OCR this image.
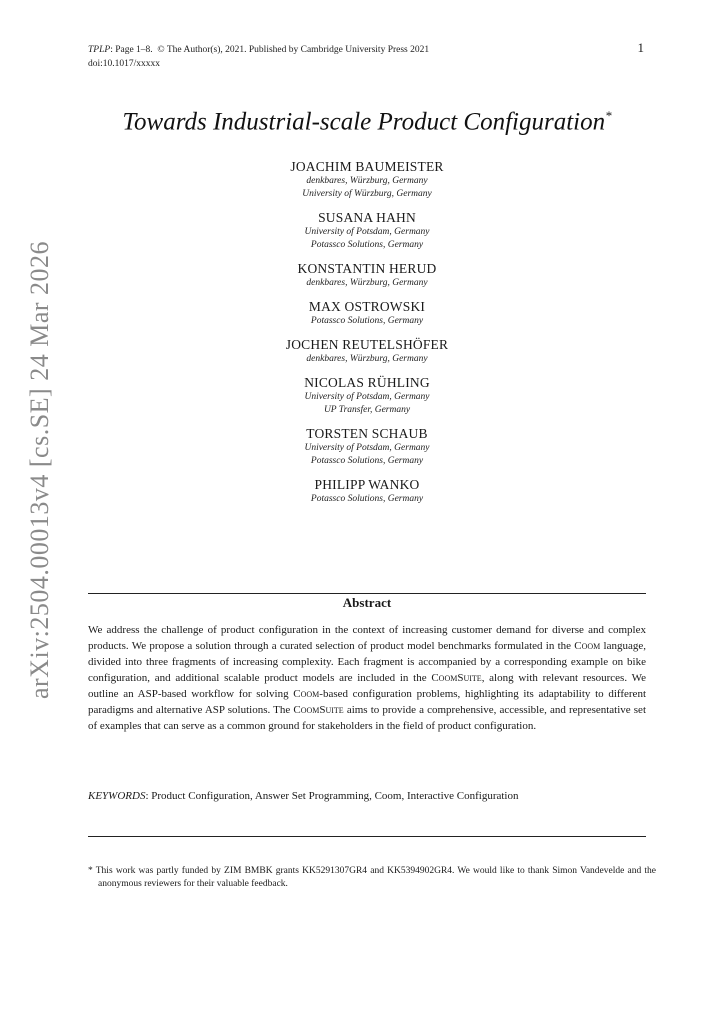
TPLP: Page 1–8. © The Author(s), 2021. Published by Cambridge University Press 2021
doi:10.1017/xxxxx
1
arXiv:2504.00013v4 [cs.SE] 24 Mar 2026
Towards Industrial-scale Product Configuration*
JOACHIM BAUMEISTER
denkbares, Würzburg, Germany
University of Würzburg, Germany
SUSANA HAHN
University of Potsdam, Germany
Potassco Solutions, Germany
KONSTANTIN HERUD
denkbares, Würzburg, Germany
MAX OSTROWSKI
Potassco Solutions, Germany
JOCHEN REUTELSHÖFER
denkbares, Würzburg, Germany
NICOLAS RÜHLING
University of Potsdam, Germany
UP Transfer, Germany
TORSTEN SCHAUB
University of Potsdam, Germany
Potassco Solutions, Germany
PHILIPP WANKO
Potassco Solutions, Germany
Abstract
We address the challenge of product configuration in the context of increasing customer demand for diverse and complex products. We propose a solution through a curated selection of product model benchmarks formulated in the Coom language, divided into three fragments of increasing complexity. Each fragment is accompanied by a corresponding example on bike configuration, and additional scalable product models are included in the CoomSuite, along with relevant resources. We outline an ASP-based workflow for solving Coom-based configuration problems, highlighting its adaptability to different paradigms and alternative ASP solutions. The CoomSuite aims to provide a comprehensive, accessible, and representative set of examples that can serve as a common ground for stakeholders in the field of product configuration.
KEYWORDS: Product Configuration, Answer Set Programming, Coom, Interactive Configuration
* This work was partly funded by ZIM BMBK grants KK5291307GR4 and KK5394902GR4. We would like to thank Simon Vandevelde and the anonymous reviewers for their valuable feedback.
